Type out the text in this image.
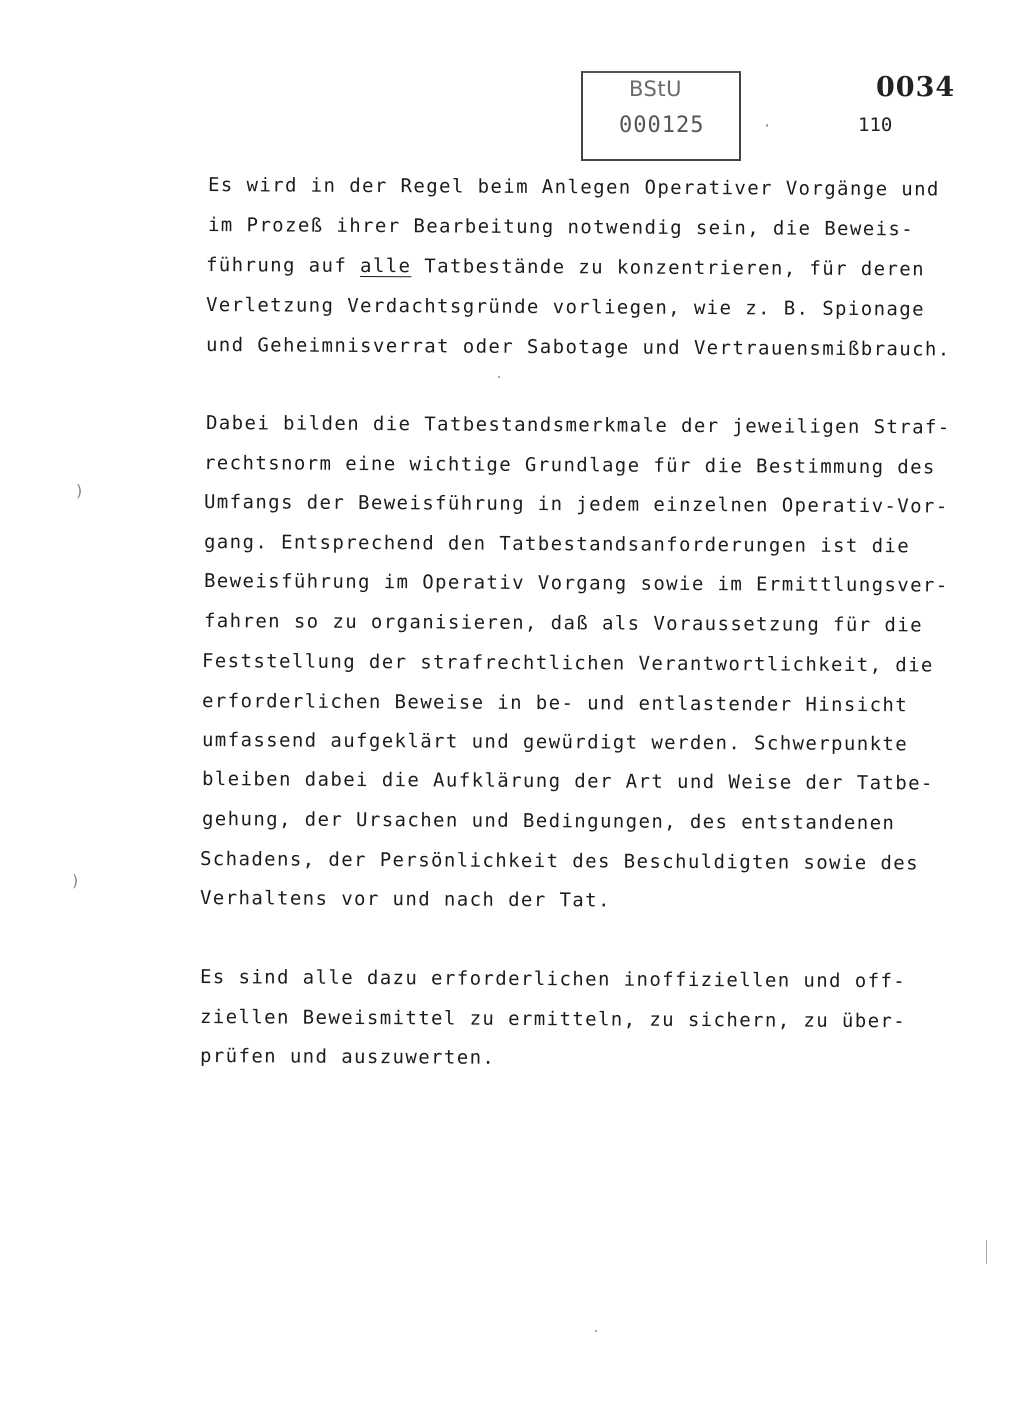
BStU
000125
0034
110
Es wird in der Regel beim Anlegen Operativer Vorgänge und
im Prozeß ihrer Bearbeitung notwendig sein, die Beweis-
führung auf alle Tatbestände zu konzentrieren, für deren
Verletzung Verdachtsgründe vorliegen, wie z. B. Spionage
und Geheimnisverrat oder Sabotage und Vertrauensmißbrauch.
Dabei bilden die Tatbestandsmerkmale der jeweiligen Straf-
rechtsnorm eine wichtige Grundlage für die Bestimmung des
Umfangs der Beweisführung in jedem einzelnen Operativ-Vor-
gang. Entsprechend den Tatbestandsanforderungen ist die
Beweisführung im Operativ Vorgang sowie im Ermittlungsver-
fahren so zu organisieren, daß als Voraussetzung für die
Feststellung der strafrechtlichen Verantwortlichkeit, die
erforderlichen Beweise in be- und entlastender Hinsicht
umfassend aufgeklärt und gewürdigt werden. Schwerpunkte
bleiben dabei die Aufklärung der Art und Weise der Tatbe-
gehung, der Ursachen und Bedingungen, des entstandenen
Schadens, der Persönlichkeit des Beschuldigten sowie des
Verhaltens vor und nach der Tat.
Es sind alle dazu erforderlichen inoffiziellen und off-
ziellen Beweismittel zu ermitteln, zu sichern, zu über-
prüfen und auszuwerten.
)
)
